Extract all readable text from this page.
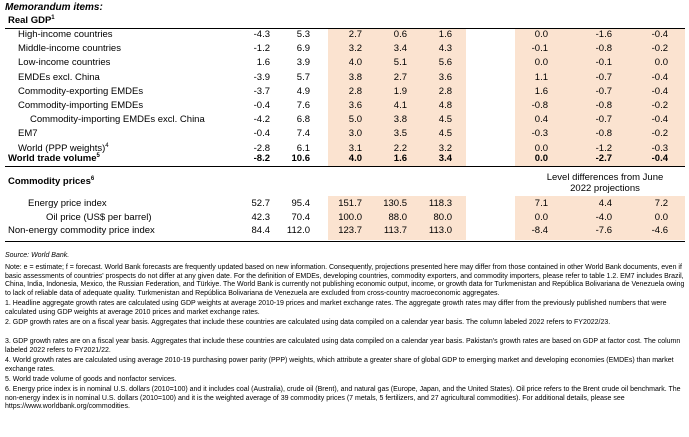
Memorandum items:
Real GDP$^1$
High-income countries	-4.3	5.3	2.7	0.6	1.6	0.0	-1.6	-0.4
Middle-income countries	-1.2	6.9	3.2	3.4	4.3	-0.1	-0.8	-0.2
Low-income countries	1.6	3.9	4.0	5.1	5.6	0.0	-0.1	0.0
EMDEs excl. China	-3.9	5.7	3.8	2.7	3.6	1.1	-0.7	-0.4
Commodity-exporting EMDEs	-3.7	4.9	2.8	1.9	2.8	1.6	-0.7	-0.4
Commodity-importing EMDEs	-0.4	7.6	3.6	4.1	4.8	-0.8	-0.8	-0.2
Commodity-importing EMDEs excl. China	-4.2	6.8	5.0	3.8	4.5	0.4	-0.7	-0.4
EM7	-0.4	7.4	3.0	3.5	4.5	-0.3	-0.8	-0.2
World (PPP weights)$^4$	-2.8	6.1	3.1	2.2	3.2	0.0	-1.2	-0.3
World trade volume$^5$	-8.2	10.6	4.0	1.6	3.4	0.0	-2.7	-0.4
Commodity prices$^6$	Level differences from June 2022 projections
Energy price index	52.7	95.4	151.7	130.5	118.3	7.1	4.4	7.2
Oil price (US$ per barrel)	42.3	70.4	100.0	88.0	80.0	0.0	-4.0	0.0
Non-energy commodity price index	84.4	112.0	123.7	113.7	113.0	-8.4	-7.6	-4.6
Source: World Bank.
Note: e = estimate; f = forecast. World Bank forecasts are frequently updated based on new information. Consequently, projections presented here may differ from those contained in other World Bank documents, even if basic assessments of countries' prospects do not differ at any given date. For the definition of EMDEs, developing countries, commodity exporters, and commodity importers, please refer to table 1.2. EM7 includes Brazil, China, India, Indonesia, Mexico, the Russian Federation, and Türkiye. The World Bank is currently not publishing economic output, income, or growth data for Turkmenistan and República Bolivariana de Venezuela owing to lack of reliable data of adequate quality. Turkmenistan and República Bolivariana de Venezuela are excluded from cross-country macroeconomic aggregates.
1. Headline aggregate growth rates are calculated using GDP weights at average 2010-19 prices and market exchange rates. The aggregate growth rates may differ from the previously published numbers that were calculated using GDP weights at average 2010 prices and market exchange rates.
2. GDP growth rates are on a fiscal year basis. Aggregates that include these countries are calculated using data compiled on a calendar year basis. The column labeled 2022 refers to FY2022/23.
3. GDP growth rates are on a fiscal year basis. Aggregates that include these countries are calculated using data compiled on a calendar year basis. Pakistan's growth rates are based on GDP at factor cost. The column labeled 2022 refers to FY2021/22.
4. World growth rates are calculated using average 2010-19 purchasing power parity (PPP) weights, which attribute a greater share of global GDP to emerging market and developing economies (EMDEs) than market exchange rates.
5. World trade volume of goods and nonfactor services.
6. Energy price index is in nominal U.S. dollars (2010=100) and it includes coal (Australia), crude oil (Brent), and natural gas (Europe, Japan, and the United States). Oil price refers to the Brent crude oil benchmark. The non-energy index is in nominal U.S. dollars (2010=100) and it is the weighted average of 39 commodity prices (7 metals, 5 fertilizers, and 27 agricultural commodities). For additional details, please see https://www.worldbank.org/commodities.
